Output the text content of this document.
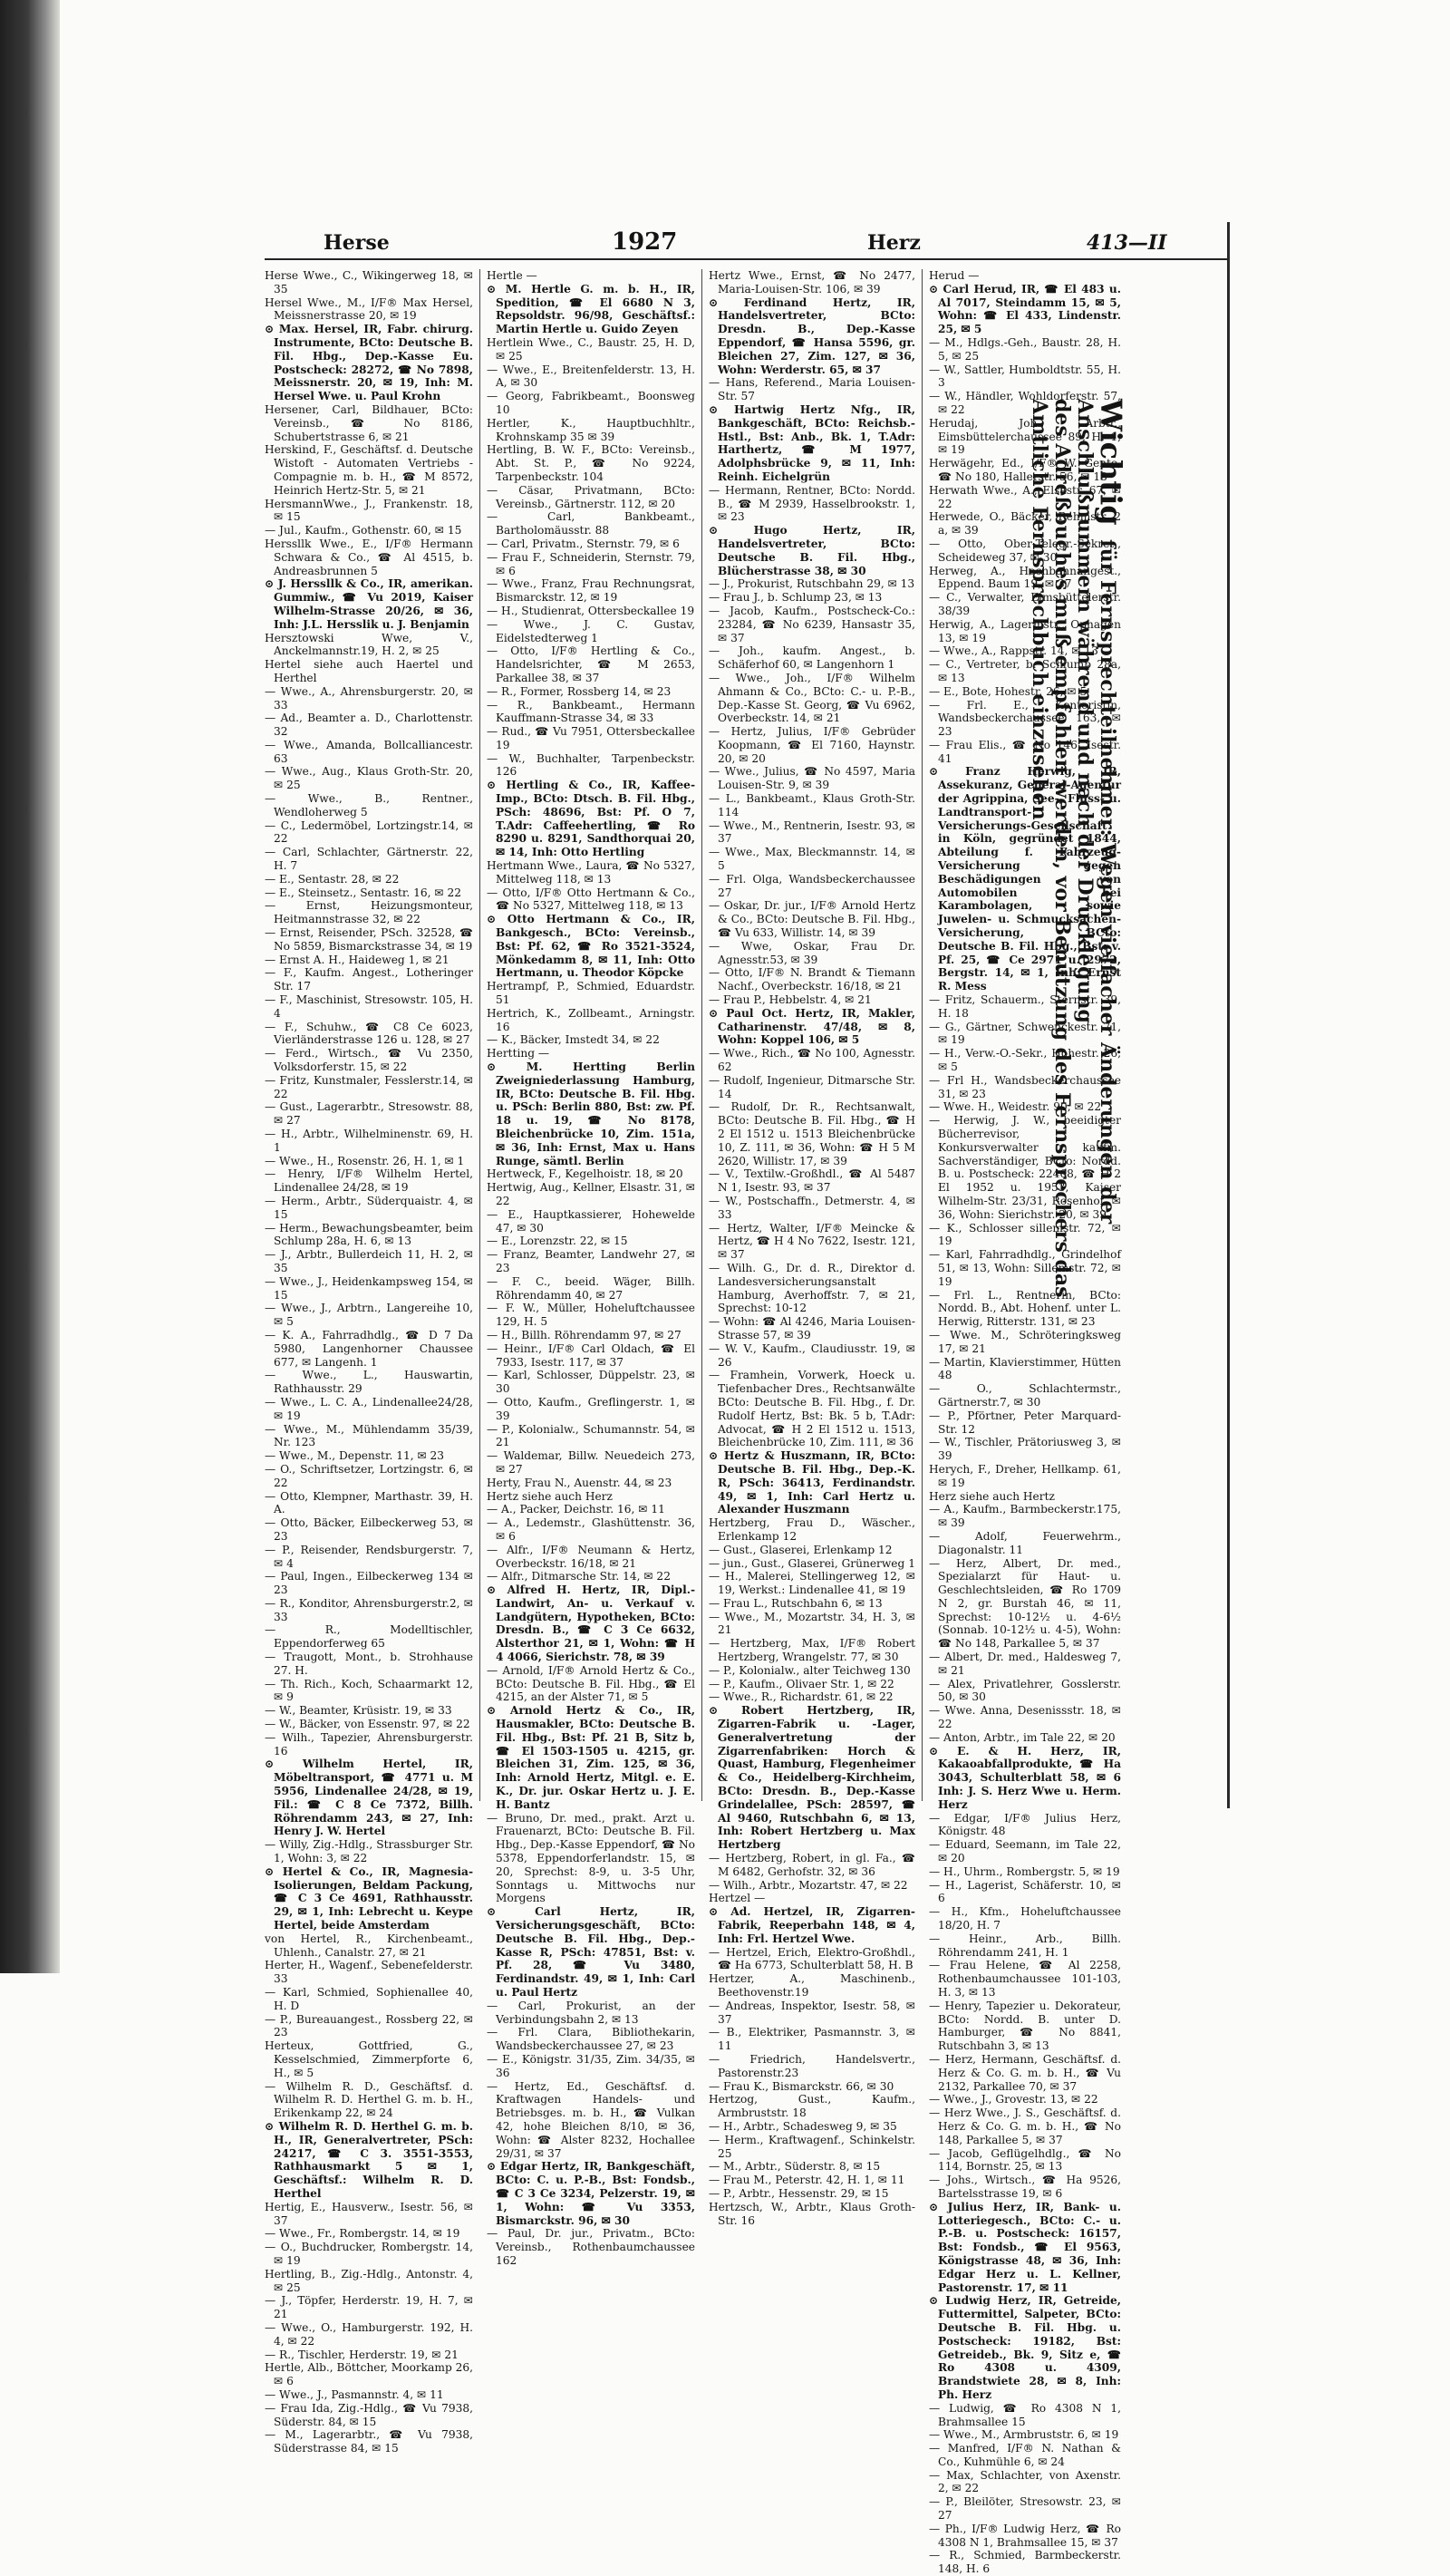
Herse	1927	Herz	413—II

Herse Wwe., C., Wikingerweg 18, ✉ 35

Hersel Wwe., M., I/F® Max Hersel, Meissnerstrasse 20, ✉ 19

⊙ Max. Hersel, IR, Fabr. chirurg. Instrumente, BCto: Deutsche B. Fil. Hbg., Dep.-Kasse Eu. Postscheck: 28272, ☎ No 7898, Meissnerstr. 20, ✉ 19, Inh: M. Hersel Wwe. u. Paul Krohn

Hersener, Carl, Bildhauer, BCto: Vereinsb., ☎ No 8186, Schubertstrasse 6, ✉ 21

Herskind, F., Geschäftsf. d. Deutsche Wistoft - Automaten Vertriebs - Compagnie m. b. H., ☎ M 8572, Heinrich Hertz-Str. 5, ✉ 21

HersmannWwe., J., Frankenstr. 18, ✉ 15

— Jul., Kaufm., Gothenstr. 60, ✉ 15

Herssllk Wwe., E., I/F® Hermann Schwara & Co., ☎ Al 4515, b. Andreasbrunnen 5

⊙ J. Herssllk & Co., IR, amerikan. Gummiw., ☎ Vu 2019, Kaiser Wilhelm-Strasse 20/26, ✉ 36, Inh: J.L. Hersslik u. J. Benjamin

Hersztowski Wwe, V., Anckelmannstr.19, H. 2, ✉ 25

Hertel siehe auch Haertel und Herthel

— Wwe., A., Ahrensburgerstr. 20, ✉ 33

— Ad., Beamter a. D., Charlottenstr. 32

— Wwe., Amanda, Bollcalliancestr. 63

— Wwe., Aug., Klaus Groth-Str. 20, ✉ 25

— Wwe., B., Rentner., Wendloherweg 5

— C., Ledermöbel, Lortzingstr.14, ✉ 22

— Carl, Schlachter, Gärtnerstr. 22, H. 7

— E., Sentastr. 28, ✉ 22

— E., Steinsetz., Sentastr. 16, ✉ 22

— Ernst, Heizungsmonteur, Heitmannstrasse 32, ✉ 22

— Ernst, Reisender, PSch. 32528, ☎ No 5859, Bismarckstrasse 34, ✉ 19

— Ernst A. H., Haideweg 1, ✉ 21

— F., Kaufm. Angest., Lotheringer Str. 17

— F., Maschinist, Stresowstr. 105, H. 4

— F., Schuhw., ☎ C8 Ce 6023, Vierländerstrasse 126 u. 128, ✉ 27

— Ferd., Wirtsch., ☎ Vu 2350, Volksdorferstr. 15, ✉ 22

— Fritz, Kunstmaler, Fesslerstr.14, ✉ 22

— Gust., Lagerarbtr., Stresowstr. 88, ✉ 27

— H., Arbtr., Wilhelminenstr. 69, H. 1

— Wwe., H., Rosenstr. 26, H. 1, ✉ 1

— Henry, I/F® Wilhelm Hertel, Lindenallee 24/28, ✉ 19

— Herm., Arbtr., Süderquaistr. 4, ✉ 15

— Herm., Bewachungsbeamter, beim Schlump 28a, H. 6, ✉ 13

— J., Arbtr., Bullerdeich 11, H. 2, ✉ 35

— Wwe., J., Heidenkampsweg 154, ✉ 15

— Wwe., J., Arbtrn., Langereihe 10, ✉ 5

— K. A., Fahrradhdlg., ☎ D 7 Da 5980, Langenhorner Chaussee 677, ✉ Langenh. 1

— Wwe., L., Hauswartin, Rathhausstr. 29

— Wwe., L. C. A., Lindenallee24/28, ✉ 19

— Wwe., M., Mühlendamm 35/39, Nr. 123

— Wwe., M., Depenstr. 11, ✉ 23

— O., Schriftsetzer, Lortzingstr. 6, ✉ 22

— Otto, Klempner, Marthastr. 39, H. A.

— Otto, Bäcker, Eilbeckerweg 53, ✉ 23

— P., Reisender, Rendsburgerstr. 7, ✉ 4

— Paul, Ingen., Eilbeckerweg 134 ✉ 23

— R., Konditor, Ahrensburgerstr.2, ✉ 33

— R., Modelltischler, Eppendorferweg 65

— Traugott, Mont., b. Strohhause 27. H.

— Th. Rich., Koch, Schaarmarkt 12, ✉ 9

— W., Beamter, Krüsistr. 19, ✉ 33

— W., Bäcker, von Essenstr. 97, ✉ 22

— Wilh., Tapezier, Ahrensburgerstr. 16

⊙ Wilhelm Hertel, IR, Möbeltransport, ☎ 4771 u. M 5956, Lindenallee 24/28, ✉ 19, Fil.: ☎ C 8 Ce 7372, Billh. Röhrendamm 243, ✉ 27, Inh: Henry J. W. Hertel

— Willy, Zig.-Hdlg., Strassburger Str. 1, Wohn: 3, ✉ 22

⊙ Hertel & Co., IR, Magnesia-Isolierungen, Beldam Packung, ☎ C 3 Ce 4691, Rathhausstr. 29, ✉ 1, Inh: Lebrecht u. Keype Hertel, beide Amsterdam

von Hertel, R., Kirchenbeamt., Uhlenh., Canalstr. 27, ✉ 21

Herter, H., Wagenf., Sebenefelderstr. 33

— Karl, Schmied, Sophienallee 40, H. D

— P., Bureauangest., Rossberg 22, ✉ 23

Herteux, Gottfried, G., Kesselschmied, Zimmerpforte 6, H., ✉ 5

— Wilhelm R. D., Geschäftsf. d. Wilhelm R. D. Herthel G. m. b. H., Erikenkamp 22, ✉ 24

⊙ Wilhelm R. D. Herthel G. m. b. H., IR, Generalvertreter, PSch: 24217, ☎ C 3. 3551-3553, Rathhausmarkt 5 ✉ 1, Geschäftsf.: Wilhelm R. D. Herthel

Hertig, E., Hausverw., Isestr. 56, ✉ 37

— Wwe., Fr., Rombergstr. 14, ✉ 19

— O., Buchdrucker, Rombergstr. 14, ✉ 19

Hertling, B., Zig.-Hdlg., Antonstr. 4, ✉ 25

— J., Töpfer, Herderstr. 19, H. 7, ✉ 21

— Wwe., O., Hamburgerstr. 192, H. 4, ✉ 22

— R., Tischler, Herderstr. 19, ✉ 21

Hertle, Alb., Böttcher, Moorkamp 26, ✉ 6

— Wwe., J., Pasmannstr. 4, ✉ 11

— Frau Ida, Zig.-Hdlg., ☎ Vu 7938, Süderstr. 84, ✉ 15

— M., Lagerarbtr., ☎ Vu 7938, Süderstrasse 84, ✉ 15

Hertle —

⊙ M. Hertle G. m. b. H., IR, Spedition, ☎ El 6680 N 3, Repsoldstr. 96/98, Geschäftsf.: Martin Hertle u. Guido Zeyen

Hertlein Wwe., C., Baustr. 25, H. D, ✉ 25

— Wwe., E., Breitenfelderstr. 13, H. A, ✉ 30

— Georg, Fabrikbeamt., Boonsweg 10

Hertler, K., Hauptbuchhltr., Krohnskamp 35 ✉ 39

Hertling, B. W. F., BCto: Vereinsb., Abt. St. P., ☎ No 9224, Tarpenbeckstr. 104

— Cäsar, Privatmann, BCto: Vereinsb., Gärtnerstr. 112, ✉ 20

— Carl, Bankbeamt., Bartholomäusstr. 88

— Carl, Privatm., Sternstr. 79, ✉ 6

— Frau F., Schneiderin, Sternstr. 79, ✉ 6

— Wwe., Franz, Frau Rechnungsrat, Bismarckstr. 12, ✉ 19

— H., Studienrat, Ottersbeckallee 19

— Wwe., J. C. Gustav, Eidelstedterweg 1

— Otto, I/F® Hertling & Co., Handelsrichter, ☎ M 2653, Parkallee 38, ✉ 37

— R., Former, Rossberg 14, ✉ 23

— R., Bankbeamt., Hermann Kauffmann-Strasse 34, ✉ 33

— Rud., ☎ Vu 7951, Ottersbeckallee 19

— W., Buchhalter, Tarpenbeckstr. 126

⊙ Hertling & Co., IR, Kaffee-Imp., BCto: Dtsch. B. Fil. Hbg., PSch: 48696, Bst: Pf. O 7, T.Adr: Caffeehertling, ☎ Ro 8290 u. 8291, Sandthorquai 20, ✉ 14, Inh: Otto Hertling

Hertmann Wwe., Laura, ☎ No 5327, Mittelweg 118, ✉ 13

— Otto, I/F® Otto Hertmann & Co., ☎ No 5327, Mittelweg 118, ✉ 13

⊙ Otto Hertmann & Co., IR, Bankgesch., BCto: Vereinsb., Bst: Pf. 62, ☎ Ro 3521-3524, Mönkedamm 8, ✉ 11, Inh: Otto Hertmann, u. Theodor Köpcke

Hertrampf, P., Schmied, Eduardstr. 51

Hertrich, K., Zollbeamt., Arningstr. 16

— K., Bäcker, Imstedt 34, ✉ 22

Hertting —

⊙ M. Hertting Berlin Zweigniederlassung Hamburg, IR, BCto: Deutsche B. Fil. Hbg. u. PSch: Berlin 880, Bst: zw. Pf. 18 u. 19, ☎ No 8178, Bleichenbrücke 10, Zim. 151a, ✉ 36, Inh: Ernst, Max u. Hans Runge, sämtl. Berlin

Hertweck, F., Kegelhoistr. 18, ✉ 20

Hertwig, Aug., Kellner, Elsastr. 31, ✉ 22

— E., Hauptkassierer, Hohewelde 47, ✉ 30

— E., Lorenzstr. 22, ✉ 15

— Franz, Beamter, Landwehr 27, ✉ 23

— F. C., beeid. Wäger, Billh. Röhrendamm 40, ✉ 27

— F. W., Müller, Hoheluftchaussee 129, H. 5

— H., Billh. Röhrendamm 97, ✉ 27

— Heinr., I/F® Carl Oldach, ☎ El 7933, Isestr. 117, ✉ 37

— Karl, Schlosser, Düppelstr. 23, ✉ 30

— Otto, Kaufm., Greflingerstr. 1, ✉ 39

— P., Kolonialw., Schumannstr. 54, ✉ 21

— Waldemar, Billw. Neuedeich 273, ✉ 27

Herty, Frau N., Auenstr. 44, ✉ 23

Hertz siehe auch Herz

— A., Packer, Deichstr. 16, ✉ 11

— A., Ledemstr., Glashüttenstr. 36, ✉ 6

— Alfr., I/F® Neumann & Hertz, Overbeckstr. 16/18, ✉ 21

— Alfr., Ditmarsche Str. 14, ✉ 22

⊙ Alfred H. Hertz, IR, Dipl.-Landwirt, An- u. Verkauf v. Landgütern, Hypotheken, BCto: Dresdn. B., ☎ C 3 Ce 6632, Alsterthor 21, ✉ 1, Wohn: ☎ H 4 4066, Sierichstr. 78, ✉ 39

— Arnold, I/F® Arnold Hertz & Co., BCto: Deutsche B. Fil. Hbg., ☎ El 4215, an der Alster 71, ✉ 5

⊙ Arnold Hertz & Co., IR, Hausmakler, BCto: Deutsche B. Fil. Hbg., Bst: Pf. 21 B, Sitz b, ☎ El 1503-1505 u. 4215, gr. Bleichen 31, Zim. 125, ✉ 36, Inh: Arnold Hertz, Mitgl. e. E. K., Dr. jur. Oskar Hertz u. J. E. H. Bantz

— Bruno, Dr. med., prakt. Arzt u. Frauenarzt, BCto: Deutsche B. Fil. Hbg., Dep.-Kasse Eppendorf, ☎ No 5378, Eppendorferlandstr. 15, ✉ 20, Sprechst: 8-9, u. 3-5 Uhr, Sonntags u. Mittwochs nur Morgens

⊙ Carl Hertz, IR, Versicherungsgeschäft, BCto: Deutsche B. Fil. Hbg., Dep.-Kasse R, PSch: 47851, Bst: v. Pf. 28, ☎ Vu 3480, Ferdinandstr. 49, ✉ 1, Inh: Carl u. Paul Hertz

— Carl, Prokurist, an der Verbindungsbahn 2, ✉ 13

— Frl. Clara, Bibliothekarin, Wandsbeckerchaussee 27, ✉ 23

— E., Königstr. 31/35, Zim. 34/35, ✉ 36

— Hertz, Ed., Geschäftsf. d. Kraftwagen Handels- und Betriebsges. m. b. H., ☎ Vulkan 42, hohe Bleichen 8/10, ✉ 36, Wohn: ☎ Alster 8232, Hochallee 29/31, ✉ 37

⊙ Edgar Hertz, IR, Bankgeschäft, BCto: C. u. P.-B., Bst: Fondsb., ☎ C 3 Ce 3234, Pelzerstr. 19, ✉ 1, Wohn: ☎ Vu 3353, Bismarckstr. 96, ✉ 30

— Paul, Dr. jur., Privatm., BCto: Vereinsb., Rothenbaumchaussee 162

Hertz Wwe., Ernst, ☎ No 2477, Maria-Louisen-Str. 106, ✉ 39

⊙ Ferdinand Hertz, IR, Handelsvertreter, BCto: Dresdn. B., Dep.-Kasse Eppendorf, ☎ Hansa 5596, gr. Bleichen 27, Zim. 127, ✉ 36, Wohn: Werderstr. 65, ✉ 37

— Hans, Referend., Maria Louisen-Str. 57

⊙ Hartwig Hertz Nfg., IR, Bankgeschäft, BCto: Reichsb.-Hstl., Bst: Anb., Bk. 1, T.Adr: Harthertz, ☎ M 1977, Adolphsbrücke 9, ✉ 11, Inh: Reinh. Eichelgrün

— Hermann, Rentner, BCto: Nordd. B., ☎ M 2939, Hasselbrookstr. 1, ✉ 23

⊙ Hugo Hertz, IR, Handelsvertreter, BCto: Deutsche B. Fil. Hbg., Blücherstrasse 38, ✉ 30

— J., Prokurist, Rutschbahn 29, ✉ 13

— Frau J., b. Schlump 23, ✉ 13

— Jacob, Kaufm., Postscheck-Co.: 23284, ☎ No 6239, Hansastr 35, ✉ 37

— Joh., kaufm. Angest., b. Schäferhof 60, ✉ Langenhorn 1

— Wwe., Joh., I/F® Wilhelm Ahmann & Co., BCto: C.- u. P.-B., Dep.-Kasse St. Georg, ☎ Vu 6962, Overbeckstr. 14, ✉ 21

— Hertz, Julius, I/F® Gebrüder Koopmann, ☎ El 7160, Haynstr. 20, ✉ 20

— Wwe., Julius, ☎ No 4597, Maria Louisen-Str. 9, ✉ 39

— L., Bankbeamt., Klaus Groth-Str. 114

— Wwe., M., Rentnerin, Isestr. 93, ✉ 37

— Wwe., Max, Bleckmannstr. 14, ✉ 5

— Frl. Olga, Wandsbeckerchaussee 27

— Oskar, Dr. jur., I/F® Arnold Hertz & Co., BCto: Deutsche B. Fil. Hbg., ☎ Vu 633, Willistr. 14, ✉ 39

— Wwe, Oskar, Frau Dr. Agnesstr.53, ✉ 39

— Otto, I/F® N. Brandt & Tiemann Nachf., Overbeckstr. 16/18, ✉ 21

— Frau P., Hebbelstr. 4, ✉ 21

⊙ Paul Oct. Hertz, IR, Makler, Catharinenstr. 47/48, ✉ 8, Wohn: Koppel 106, ✉ 5

— Wwe., Rich., ☎ No 100, Agnesstr. 62

— Rudolf, Ingenieur, Ditmarsche Str. 14

— Rudolf, Dr. R., Rechtsanwalt, BCto: Deutsche B. Fil. Hbg., ☎ H 2 El 1512 u. 1513 Bleichenbrücke 10, Z. 111, ✉ 36, Wohn: ☎ H 5 M 2620, Willistr. 17, ✉ 39

— V., Textilw.-Großhdl., ☎ Al 5487 N 1, Isestr. 93, ✉ 37

— W., Postschaffn., Detmerstr. 4, ✉ 33

— Hertz, Walter, I/F® Meincke & Hertz, ☎ H 4 No 7622, Isestr. 121, ✉ 37

— Wilh. G., Dr. d. R., Direktor d. Landesversicherungsanstalt Hamburg, Averhoffstr. 7, ✉ 21, Sprechst: 10-12

— Wohn: ☎ Al 4246, Maria Louisen-Strasse 57, ✉ 39

— W. V., Kaufm., Claudiusstr. 19, ✉ 26

— Framhein, Vorwerk, Hoeck u. Tiefenbacher Dres., Rechtsanwälte BCto: Deutsche B. Fil. Hbg., f. Dr. Rudolf Hertz, Bst: Bk. 5 b, T.Adr: Advocat, ☎ H 2 El 1512 u. 1513, Bleichenbrücke 10, Zim. 111, ✉ 36

⊙ Hertz & Huszmann, IR, BCto: Deutsche B. Fil. Hbg., Dep.-K. R, PSch: 36413, Ferdinandstr. 49, ✉ 1, Inh: Carl Hertz u. Alexander Huszmann

Hertzberg, Frau D., Wäscher., Erlenkamp 12

— Gust., Glaserei, Erlenkamp 12

— jun., Gust., Glaserei, Grünerweg 1

— H., Malerei, Stellingerweg 12, ✉ 19, Werkst.: Lindenallee 41, ✉ 19

— Frau L., Rutschbahn 6, ✉ 13

— Wwe., M., Mozartstr. 34, H. 3, ✉ 21

— Hertzberg, Max, I/F® Robert Hertzberg, Wrangelstr. 77, ✉ 30

— P., Kolonialw., alter Teichweg 130

— P., Kaufm., Olivaer Str. 1, ✉ 22

— Wwe., R., Richardstr. 61, ✉ 22

⊙ Robert Hertzberg, IR, Zigarren-Fabrik u. -Lager, Generalvertretung der Zigarrenfabriken: Horch & Quast, Hamburg, Flegenheimer & Co., Heidelberg-Kirchheim, BCto: Dresdn. B., Dep.-Kasse Grindelallee, PSch: 28597, ☎ Al 9460, Rutschbahn 6, ✉ 13, Inh: Robert Hertzberg u. Max Hertzberg

— Hertzberg, Robert, in gl. Fa., ☎ M 6482, Gerhofstr. 32, ✉ 36

— Wilh., Arbtr., Mozartstr. 47, ✉ 22

Hertzel —

⊙ Ad. Hertzel, IR, Zigarren-Fabrik, Reeperbahn 148, ✉ 4, Inh: Frl. Hertzel Wwe.

— Hertzel, Erich, Elektro-Großhdl., ☎ Ha 6773, Schulterblatt 58, H. B

Hertzer, A., Maschinenb., Beethovenstr.19

— Andreas, Inspektor, Isestr. 58, ✉ 37

— B., Elektriker, Pasmannstr. 3, ✉ 11

— Friedrich, Handelsvertr., Pastorenstr.23

— Frau K., Bismarckstr. 66, ✉ 30

Hertzog, Gust., Kaufm., Armbruststr. 18

— H., Arbtr., Schadesweg 9, ✉ 35

— Herm., Kraftwagenf., Schinkelstr. 25

— M., Arbtr., Süderstr. 8, ✉ 15

— Frau M., Peterstr. 42, H. 1, ✉ 11

— P., Arbtr., Hessenstr. 29, ✉ 15

Hertzsch, W., Arbtr., Klaus Groth-Str. 16

Herud —

⊙ Carl Herud, IR, ☎ El 483 u. Al 7017, Steindamm 15, ✉ 5, Wohn: ☎ El 433, Lindenstr. 25, ✉ 5

— M., Hdlgs.-Geh., Baustr. 28, H. 5, ✉ 25

— W., Sattler, Humboldtstr. 55, H. 3

— W., Händler, Wohldorferstr. 57, ✉ 22

Herudaj, Joh., Arbtr., Eimsbüttelerchaussee 89, H. 1, ✉ 19

Herwägehr, Ed., I/F® W. Gente, ☎ No 180, Hallerstr. 56, ✉ 13

Herwath Wwe., A., Elsastr. 67, ✉ 22

Herwede, O., Bäcker, Rehmstr. 2 a, ✉ 39

— Otto, Ober-Telegr.-Sekret., Scheideweg 37, ✉ 30

Herweg, A., Hochbahnangest., Eppend. Baum 19, ✉ 37

— C., Verwalter, Eimsbüttelerstr. 38/39

Herwig, A., Lagermstr., Ophagen 13, ✉ 19

— Wwe., A., Rappstr. 14, ✉ 13

— C., Vertreter, b. Schlump 28a, ✉ 13

— E., Bote, Hohestr. 26, ✉ 5

— Frl. E., Kontoristin, Wandsbeckerchaussee 163, ✉ 23

— Frau Elis., ☎ No 146, Isestr. 41

⊙ Franz Herwig, IR, Assekuranz, General-Agentur der Agrippina, See-, Fluss- u. Landtransport-Versicherungs-Gesellschaft in Köln, gegründet 1844, Abteilung f. Fahrzeug-Versicherung gegen Beschädigungen von Automobilen bei Karambolagen, sowie Juwelen- u. Schmucksachen-Versicherung, BCto: Deutsche B. Fil. Hbg., Bst: v. Pf. 25, ☎ Ce 2971 u. 2972, Bergstr. 14, ✉ 1, Inh: Ernst R. Mess

— Fritz, Schauerm., Sternstr. 39, H. 18

— G., Gärtner, Schwenckestr. 71, ✉ 19

— H., Verw.-O.-Sekr., Hohestr. 26, ✉ 5

— Frl H., Wandsbeckerchaussee 31, ✉ 23

— Wwe. H., Weidestr. 90, ✉ 22

— Herwig, J. W., beeidigter Bücherrevisor, Konkursverwalter u. kaufm. Sachverständiger, BCto: Nordd. B. u. Postscheck: 22468, ☎ H 2 El 1952 u. 1953, Kaiser Wilhelm-Str. 23/31, Rosenhof, ✉ 36, Wohn: Sierichstr. 20, ✉ 39

— K., Schlosser sillemstr. 72, ✉ 19

— Karl, Fahrradhdlg., Grindelhof 51, ✉ 13, Wohn: Sillemstr. 72, ✉ 19

— Frl. L., Rentnerin, BCto: Nordd. B., Abt. Hohenf. unter L. Herwig, Ritterstr. 131, ✉ 23

— Wwe. M., Schröteringksweg 17, ✉ 21

— Martin, Klavierstimmer, Hütten 48

— O., Schlachtermstr., Gärtnerstr.7, ✉ 30

— P., Pförtner, Peter Marquard-Str. 12

— W., Tischler, Prätoriusweg 3, ✉ 39

Herych, F., Dreher, Hellkamp. 61, ✉ 19

Herz siehe auch Hertz

— A., Kaufm., Barmbeckerstr.175, ✉ 39

— Adolf, Feuerwehrm., Diagonalstr. 11

— Herz, Albert, Dr. med., Spezialarzt für Haut- u. Geschlechtsleiden, ☎ Ro 1709 N 2, gr. Burstah 46, ✉ 11, Sprechst: 10-12½ u. 4-6½ (Sonnab. 10-12½ u. 4-5), Wohn: ☎ No 148, Parkallee 5, ✉ 37

— Albert, Dr. med., Haldesweg 7, ✉ 21

— Alex, Privatlehrer, Gosslerstr. 50, ✉ 30

— Wwe. Anna, Desenissstr. 18, ✉ 22

— Anton, Arbtr., im Tale 22, ✉ 20

⊙ E. & H. Herz, IR, Kakaoabfallprodukte, ☎ Ha 3043, Schulterblatt 58, ✉ 6 Inh: J. S. Herz Wwe u. Herm. Herz

— Edgar, I/F® Julius Herz, Königstr. 48

— Eduard, Seemann, im Tale 22, ✉ 20

— H., Uhrm., Rombergstr. 5, ✉ 19

— H., Lagerist, Schäferstr. 10, ✉ 6

— H., Kfm., Hoheluftchaussee 18/20, H. 7

— Heinr., Arb., Billh. Röhrendamm 241, H. 1

— Frau Helene, ☎ Al 2258, Rothenbaumchaussee 101-103, H. 3, ✉ 13

— Henry, Tapezier u. Dekorateur, BCto: Nordd. B. unter D. Hamburger, ☎ No 8841, Rutschbahn 3, ✉ 13

— Herz, Hermann, Geschäftsf. d. Herz & Co. G. m. b. H., ☎ Vu 2132, Parkallee 70, ✉ 37

— Wwe., J., Grovestr. 13, ✉ 22

— Herz Wwe., J. S., Geschäftsf. d. Herz & Co. G. m. b. H., ☎ No 148, Parkallee 5, ✉ 37

— Jacob, Geflügelhdlg., ☎ No 114, Bornstr. 25, ✉ 13

— Johs., Wirtsch., ☎ Ha 9526, Bartelsstrasse 19, ✉ 6

⊙ Julius Herz, IR, Bank- u. Lotteriegesch., BCto: C.- u. P.-B. u. Postscheck: 16157, Bst: Fondsb., ☎ El 9563, Königstrasse 48, ✉ 36, Inh: Edgar Herz u. L. Kellner, Pastorenstr. 17, ✉ 11

⊙ Ludwig Herz, IR, Getreide, Futtermittel, Salpeter, BCto: Deutsche B. Fil. Hbg. u. Postscheck: 19182, Bst: Getreideb., Bk. 9, Sitz e, ☎ Ro 4308 u. 4309, Brandstwiete 28, ✉ 8, Inh: Ph. Herz

— Ludwig, ☎ Ro 4308 N 1, Brahmsallee 15

— Wwe., M., Armbruststr. 6, ✉ 19

— Manfred, I/F® N. Nathan & Co., Kuhmühle 6, ✉ 24

— Max, Schlachter, von Axenstr. 2, ✉ 22

— P., Bleilöter, Stresowstr. 23, ✉ 27

— Ph., I/F® Ludwig Herz, ☎ Ro 4308 N 1, Brahmsallee 15, ✉ 37

— R., Schmied, Barmbeckerstr. 148, H. 6

Wichtig für Fernsprechteilnehmer: Wegen vielfacher Änderungen der Anschlußnummern während und nach der Drucklegung
des Adreßbuches muß empfohlen werden, vor Benutzung des Fernsprechers das Amtliche Fernsprechbuch einzusehen
